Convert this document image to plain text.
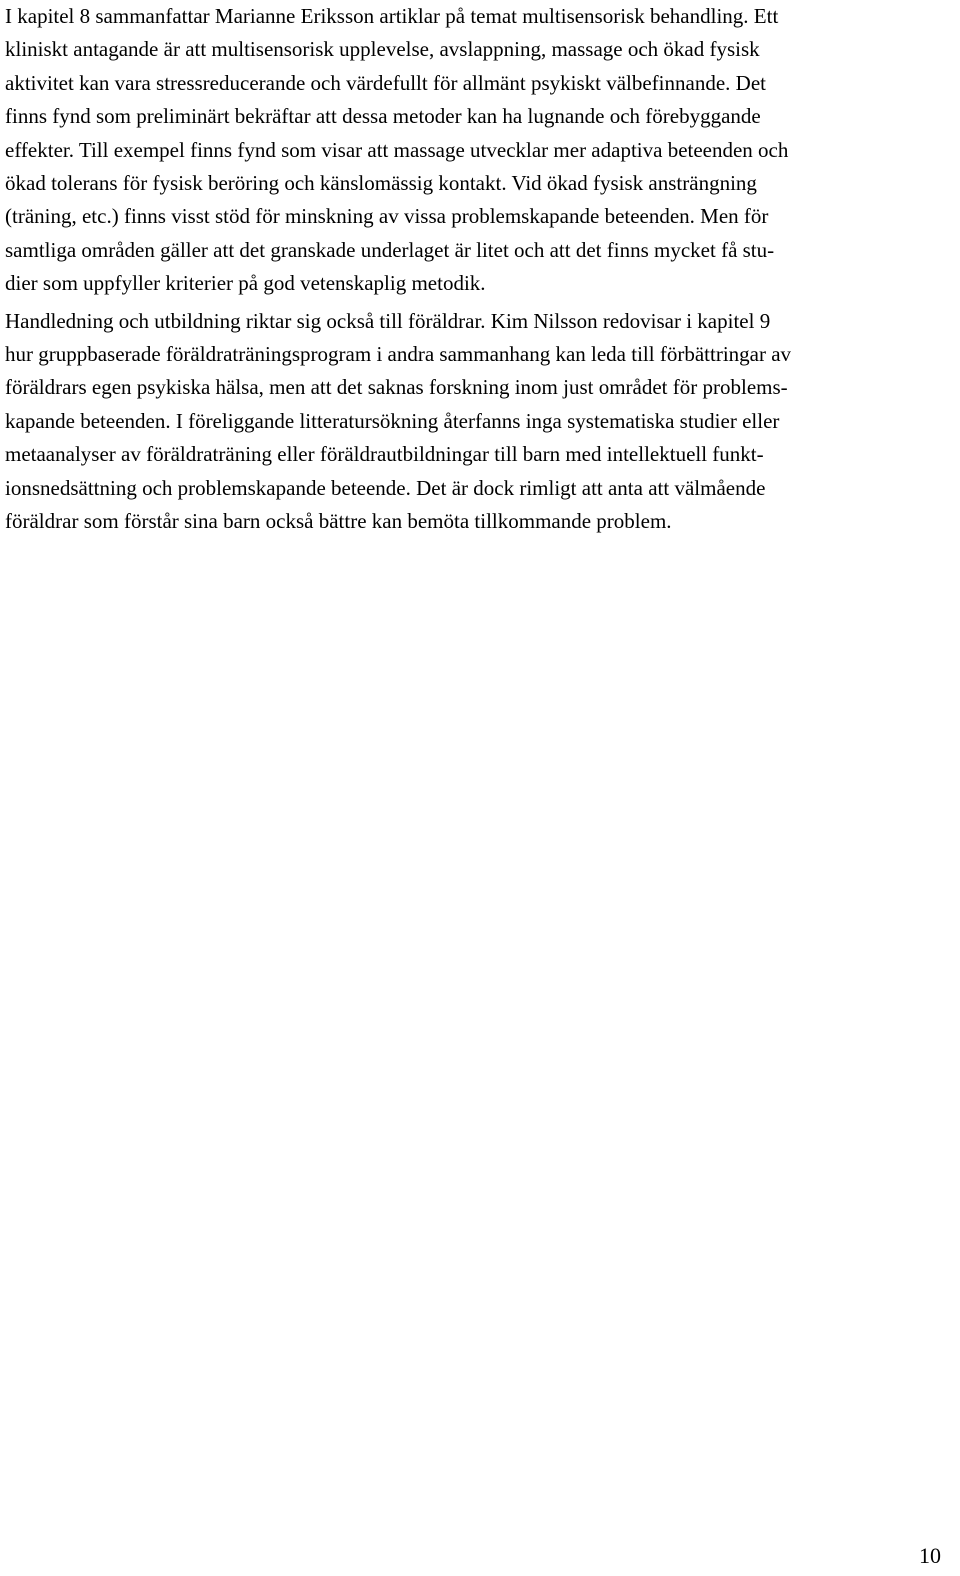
I kapitel 8 sammanfattar Marianne Eriksson artiklar på temat multisensorisk behandling. Ett
kliniskt antagande är att multisensorisk upplevelse, avslappning, massage och ökad fysisk
aktivitet kan vara stressreducerande och värdefullt för allmänt psykiskt välbefinnande. Det
finns fynd som preliminärt bekräftar att dessa metoder kan ha lugnande och förebyggande
effekter. Till exempel finns fynd som visar att massage utvecklar mer adaptiva beteenden och
ökad tolerans för fysisk beröring och känslomässig kontakt. Vid ökad fysisk ansträngning
(träning, etc.) finns visst stöd för minskning av vissa problemskapande beteenden. Men för
samtliga områden gäller att det granskade underlaget är litet och att det finns mycket få stu-
dier som uppfyller kriterier på god vetenskaplig metodik.
Handledning och utbildning riktar sig också till föräldrar. Kim Nilsson redovisar i kapitel 9
hur gruppbaserade föräldraträningsprogram i andra sammanhang kan leda till förbättringar av
föräldrars egen psykiska hälsa, men att det saknas forskning inom just området för problems-
kapande beteenden. I föreliggande litteratursökning återfanns inga systematiska studier eller
metaanalyser av föräldraträning eller föräldrautbildningar till barn med intellektuell funkt-
ionsnedsättning och problemskapande beteende. Det är dock rimligt att anta att välmående
föräldrar som förstår sina barn också bättre kan bemöta tillkommande problem.
10
